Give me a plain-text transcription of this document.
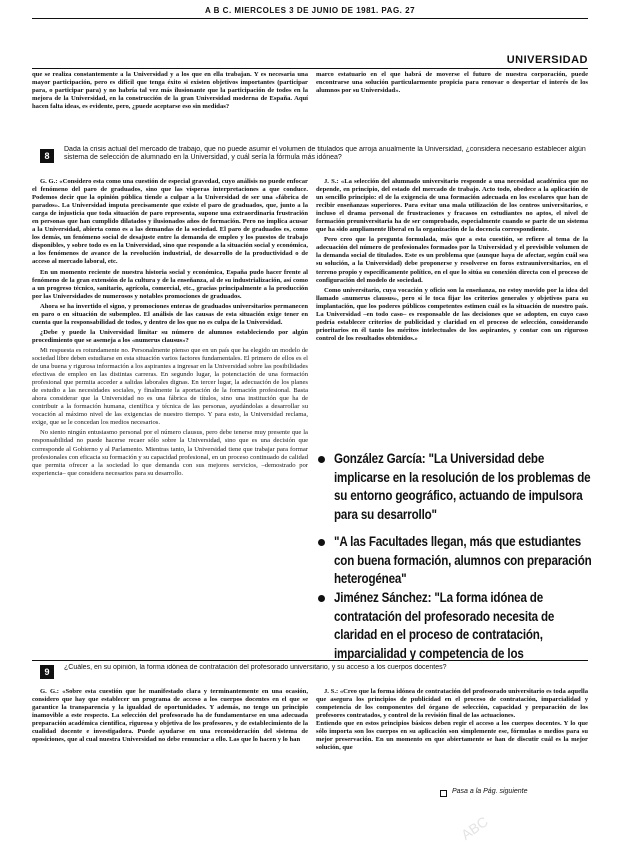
A B C. MIERCOLES 3 DE JUNIO DE 1981. PAG. 27
UNIVERSIDAD

que se realiza constantemente a la Universidad y a los que en ella trabajan. Y es necesaria una mayor participación, pero es difícil que tenga éxito si existen objetivos importantes (participar para, o participar para) y no habría tal vez más ilusionante que la participación de todos en la mejora de la Universidad, en la construcción de la gran Universidad moderna de España. Aquí hacen falta ideas, es evidente, pero, ¿puede aceptarse eso sin medidas?

marco estatuario en el que habrá de moverse el futuro de nuestra corporación, puede encontrarse una solución particularmente propicia para renovar o despertar el interés de los alumnos por su Universidad».

8
Dada la crisis actual del mercado de trabajo, que no puede asumir el volumen de titulados que arroja anualmente la Universidad, ¿considera necesario establecer algún sistema de selección de alumnado en la Universidad, y cuál sería la fórmula más idónea?

G. G.: «Considero esta como una cuestión de especial gravedad, cuyo análisis no puede enfocar el fenómeno del paro de graduados, sino que las vísperas interpretaciones a que conduce. Podemos decir que la opinión pública tiende a culpar a la Universidad de ser una «fábrica de parados». La Universidad imputa precisamente que existe el paro de graduados, que, junto a la carga de injusticia que toda situación de paro representa, supone una extraordinaria frustración en personas que han cumplido dilatados y ilusionados años de formación. Pero no implica acusar a la Universidad, abierta como es a las demandas de la sociedad. El paro de graduados es, como los demás, un fenómeno social de desajuste entre la demanda de empleo y los puestos de trabajo disponibles, y sobre todo es en la Universidad, sino que responde a la situación social y económica, a los fenómenos de avance de la revolución industrial, de desarrollo de la productividad o de acceso al mercado laboral, etc.

En un momento reciente de nuestra historia social y económica, España pudo hacer frente al fenómeno de la gran extensión de la cultura y de la enseñanza, al de su industrialización, así como a un progreso técnico, sanitario, agrícola, comercial, etc., gracias principalmente a la producción por las Universidades de numerosos y notables promociones de graduados.

Ahora se ha invertido el signo, y promociones enteras de graduados universitarios permanecen en paro o en situación de subempleo. El análisis de las causas de esta situación exige tener en cuenta que la responsabilidad de todos, y dentro de los que no es culpa de la Universidad.

¿Debe y puede la Universidad limitar su número de alumnos estableciendo por algún procedimiento que se asemeja a los «numerus clausus»?

Mi respuesta es rotundamente no. Personalmente pienso que en un país que ha elegido un modelo de sociedad libre deben estudiarse en esta situación varios factores fundamentales. El primero de ellos es el de una buena y rigurosa información a los aspirantes a ingresar en la Universidad sobre las posibilidades efectivas de empleo en las distintas carreras. En segundo lugar, la potenciación de una formación profesional que permita acceder a salidas laborales dignas. En tercer lugar, la adecuación de los planes de estudio a las necesidades sociales, y finalmente la aportación de la formación profesional. Basta ahora considerar que la Universidad no es una fábrica de títulos, sino una institución que ha de contribuir a la formación humana, científica y técnica de las personas, ayudándolas a desarrollar su vocación al máximo nivel de las exigencias de nuestro tiempo. Y para esto, la Universidad reclama, exige, que se le concedan los medios necesarios.

No siento ningún entusiasmo personal por el número clausus, pero debe tenerse muy presente que la responsabilidad no puede hacerse recaer sólo sobre la Universidad, sino que es una decisión que corresponde al Gobierno y al Parlamento. Mientras tanto, la Universidad tiene que trabajar para formar profesionales con eficacia su formación y su capacidad profesional, en un proceso continuado de calidad que permita ofrecer a la sociedad lo que demanda con sus mejores servicios, –demostrado por experiencia– que considera necesarios para su desarrollo.

J. S.: «La selección del alumnado universitario responde a una necesidad académica que no depende, en principio, del estado del mercado de trabajo. Acto todo, obedece a la aplicación de un sencillo principio: el de la exigencia de una formación adecuada en los escolares que han de recibir enseñanzas superiores. Para evitar una mala utilización de los centros universitarios, e incluso el drama personal de frustraciones y fracasos en estudiantes no aptos, el nivel de formación preuniversitaria ha de ser comprobado, especialmente cuando se parte de un sistema que ha sido ampliamente liberal en la organización de la docencia correspondiente.

Pero creo que la pregunta formulada, más que a esta cuestión, se refiere al tema de la adecuación del número de profesionales formados por la Universidad y el previsible volumen de la demanda social de titulados. Este es un problema que (aunque haya de afectar, según cuál sea su solución, a la Universidad) debe proponerse y resolverse en foros extrauniversitarios, en el terreno propio y específicamente político, en el que lo sitúa su conexión directa con el proceso de configuración del modelo de sociedad.

Como universitario, cuya vocación y oficio son la enseñanza, no estoy movido por la idea del llamado «numerus clausus», pero sí le toca fijar los criterios generales y objetivos para su implantación, que los poderes públicos competentes estimen cuál es la situación de nuestro país. La Universidad –en todo caso– es responsable de las decisiones que se adopten, en cuyo caso podría establecer criterios de publicidad y claridad en el proceso de selección, considerando prioritarios en él tanto los méritos intelectuales de los aspirantes, y contar con un riguroso control de los resultados obtenidos.»

González García: "La Universidad debe implicarse en la resolución de los problemas de su entorno geográfico, actuando de impulsora para su desarrollo"
"A las Facultades llegan, más que estudiantes con buena formación, alumnos con preparación heterogénea"
Jiménez Sánchez: "La forma idónea de contratación del profesorado necesita de claridad en el proceso de contratación, imparcialidad y competencia de los
9	¿Cuáles, en su opinión, la forma idónea de contratación del profesorado universitario, y su acceso a los cuerpos docentes?

G. G.: «Sobre esta cuestión que he manifestado clara y terminantemente en una ocasión, considero que hay que establecer un programa de acceso a los cuerpos docentes en el que se garantice la transparencia y la igualdad de oportunidades. Y además, no tengo un principio inamovible a este respecto. La selección del profesorado ha de fundamentarse en una adecuada preparación académica científica, rigurosa y objetiva de los profesores, y de establecimiento de la cualidad docente e investigadora. Puede ayudarse en una reconsideración del sistema de oposiciones, que al cual nuestra Universidad no debe renunciar a ello. Las que lo hacen y lo han

J. S.: «Creo que la forma idónea de contratación del profesorado universitario es toda aquella que asegura los principios de publicidad en el proceso de contratación, imparcialidad y competencia de los componentes del órgano de selección, capacidad y preparación de los profesores contratados, y control de la revisión final de las actuaciones.
Entiendo que en estos principios básicos deben regir el acceso a los cuerpos docentes. Y lo que sólo importa son los cuerpos en su aplicación son simplemente ese, fórmulas o medios para su mejor preservación. En un momento en que abiertamente se han de discutir cuál es la mejor solución, que

Pasa a la Pág. siguiente
ABC
